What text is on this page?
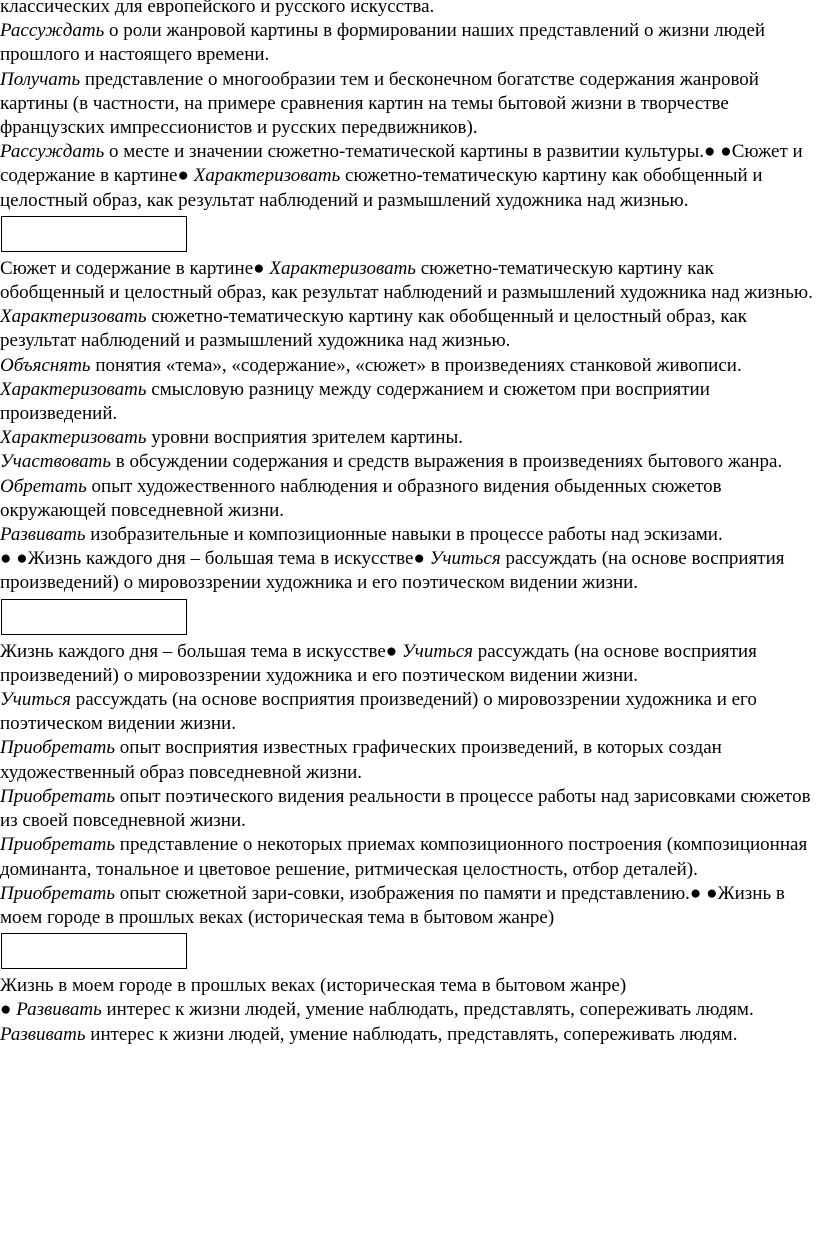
классических для европейского и русского искусства.
Рассуждать о роли жанровой картины в формировании наших представлений о жизни людей прошлого и настоящего времени.
Получать представление о многообразии тем и бесконечном богатстве содержания жанровой картины (в частности, на примере сравнения картин на темы бытовой жизни в творчестве французских импрессионистов и русских передвижников).
Рассуждать о месте и значении сюжетно-тематической картины в развитии культуры.● ●Сюжет и содержание в картине● Характеризовать сюжетно-тематическую картину как обобщенный и целостный образ, как результат наблюдений и размышлений художника над жизнью.
Сюжет и содержание в картине● Характеризовать сюжетно-тематическую картину как обобщенный и целостный образ, как результат наблюдений и размышлений художника над жизнью.
Характеризовать сюжетно-тематическую картину как обобщенный и целостный образ, как результат наблюдений и размышлений художника над жизнью.
Объяснять понятия «тема», «содержание», «сюжет» в произведениях станковой живописи.
Характеризовать смысловую разницу между содержанием и сюжетом при восприятии произведений.
Характеризовать уровни восприятия зрителем картины.
Участвовать в обсуждении содержания и средств выражения в произведениях бытового жанра.
Обретать опыт художественного наблюдения и образного видения обыденных сюжетов окружающей повседневной жизни.
Развивать изобразительные и композиционные навыки в процессе работы над эскизами.
● ●Жизнь каждого дня – большая тема в искусстве● Учиться рассуждать (на основе восприятия произведений) о мировоззрении художника и его поэтическом видении жизни.
Жизнь каждого дня – большая тема в искусстве● Учиться рассуждать (на основе восприятия произведений) о мировоззрении художника и его поэтическом видении жизни.
Учиться рассуждать (на основе восприятия произведений) о мировоззрении художника и его поэтическом видении жизни.
Приобретать опыт восприятия известных графических произведений, в которых создан художественный образ повседневной жизни.
Приобретать опыт поэтического видения реальности в процессе работы над зарисовками сюжетов из своей повседневной жизни.
Приобретать представление о некоторых приемах композиционного построения (композиционная доминанта, тональное и цветовое решение, ритмическая целостность, отбор деталей).
Приобретать опыт сюжетной зари-совки, изображения по памяти и представлению.● ●Жизнь в моем городе в прошлых веках (историческая тема в бытовом жанре)
Жизнь в моем городе в прошлых веках (историческая тема в бытовом жанре)
● Развивать интерес к жизни людей, умение наблюдать, представлять, сопереживать людям.
Развивать интерес к жизни людей, умение наблюдать, представлять, сопереживать людям.
